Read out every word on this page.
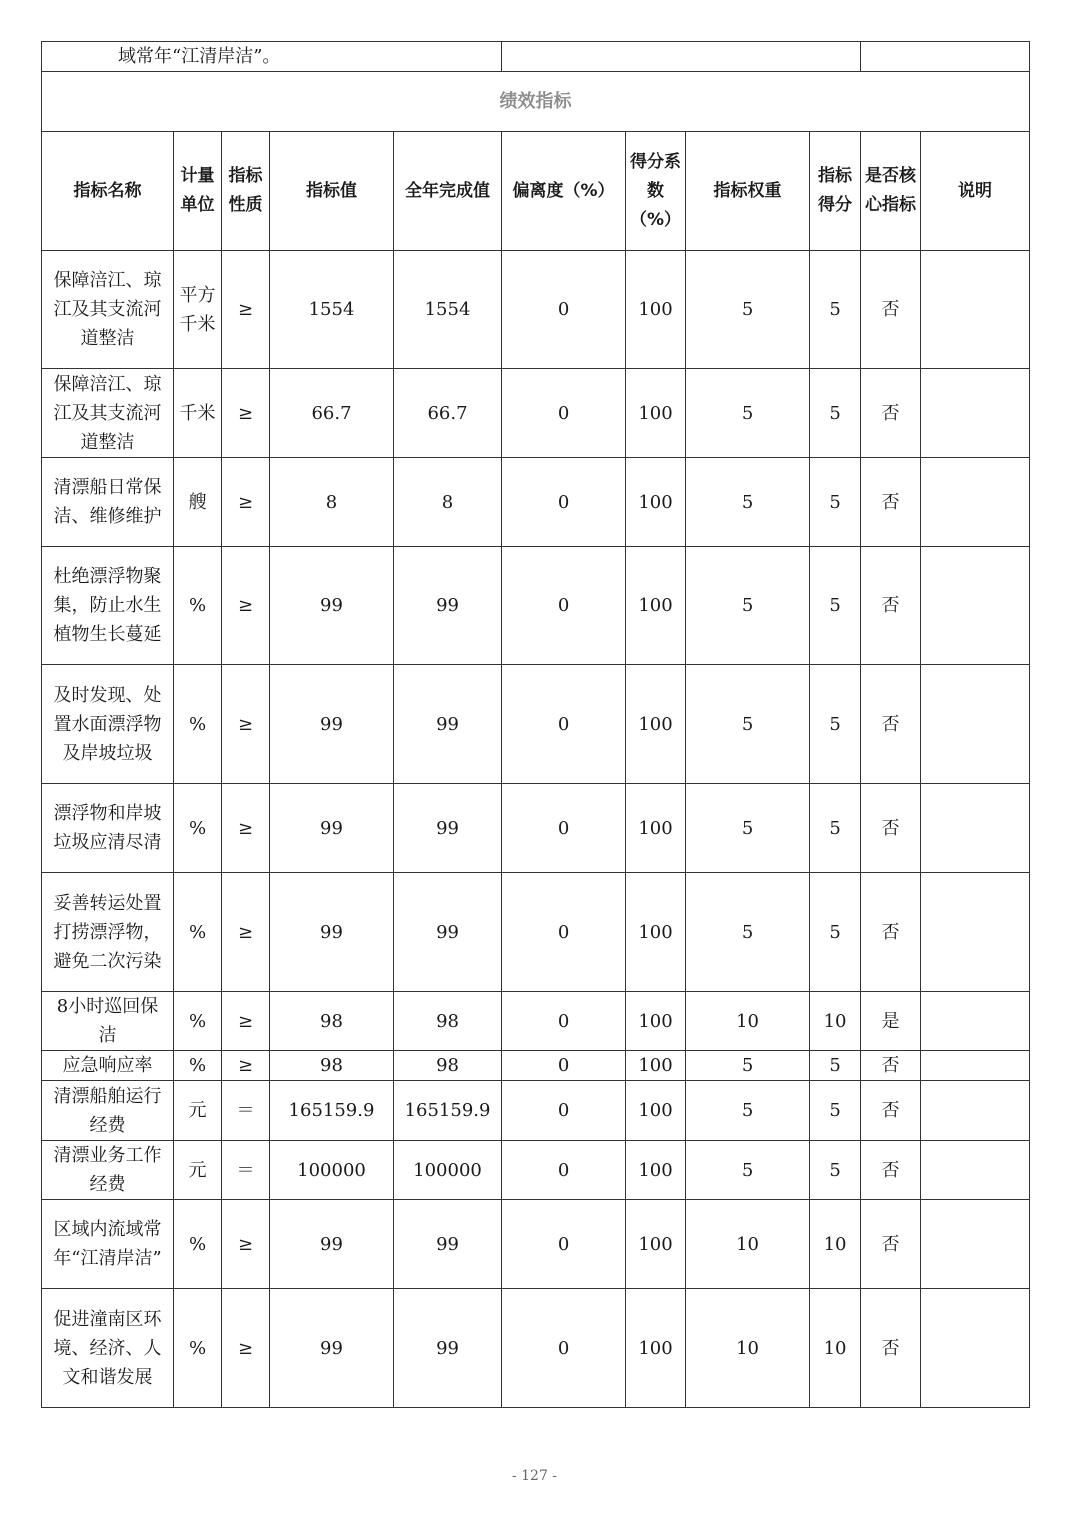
域常年“江清岸洁”。										
绩效指标										
指标名称	计量单位	指标性质	指标值	全年完成值	偏离度（%）	得分系数（%）	指标权重	指标得分	是否核心指标	说明
保障涪江、琼江及其支流河道整洁	平方千米	≥	1554	1554	0	100	5	5	否	
保障涪江、琼江及其支流河道整洁	千米	≥	66.7	66.7	0	100	5	5	否	
清漂船日常保洁、维修维护	艘	≥	8	8	0	100	5	5	否	
杜绝漂浮物聚集，防止水生植物生长蔓延	%	≥	99	99	0	100	5	5	否	
及时发现、处置水面漂浮物及岸坡垃圾	%	≥	99	99	0	100	5	5	否	
漂浮物和岸坡垃圾应清尽清	%	≥	99	99	0	100	5	5	否	
妥善转运处置打捞漂浮物，避免二次污染	%	≥	99	99	0	100	5	5	否	
8小时巡回保洁	%	≥	98	98	0	100	10	10	是	
应急响应率	%	≥	98	98	0	100	5	5	否	
清漂船舶运行经费	元	＝	165159.9	165159.9	0	100	5	5	否	
清漂业务工作经费	元	＝	100000	100000	0	100	5	5	否	
区域内流域常年“江清岸洁”	%	≥	99	99	0	100	10	10	否	
促进潼南区环境、经济、人文和谐发展	%	≥	99	99	0	100	10	10	否	
- 127 -
